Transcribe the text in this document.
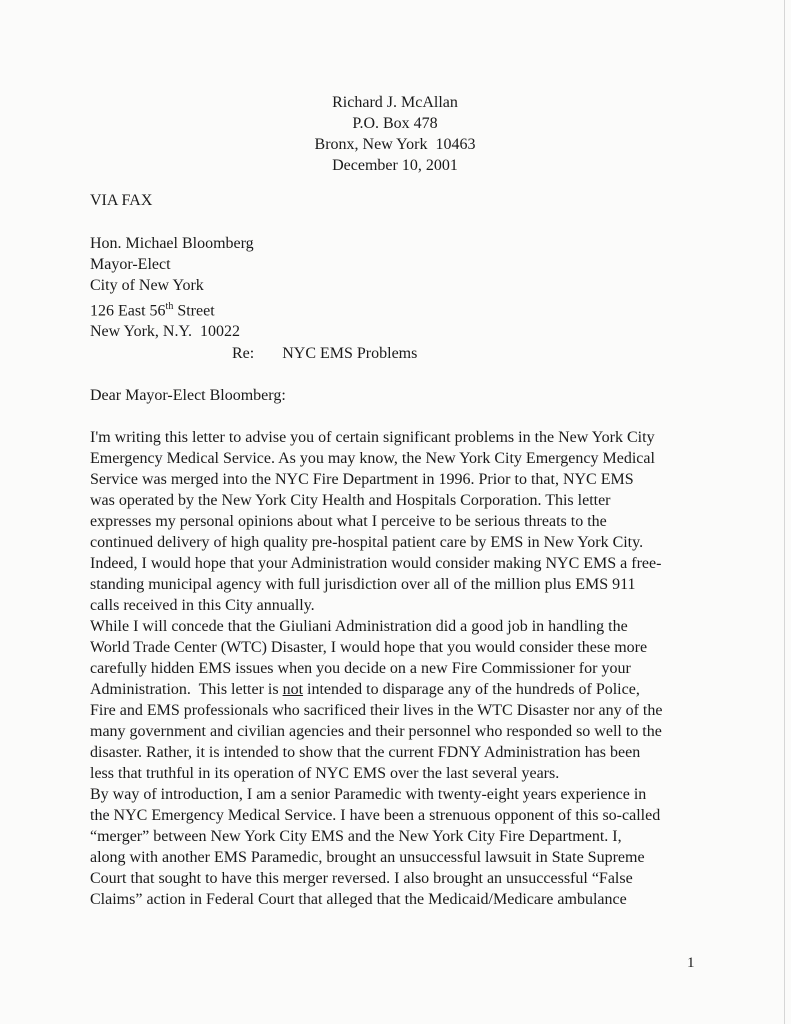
Richard J. McAllan
P.O. Box 478
Bronx, New York  10463
December 10, 2001
VIA FAX
Hon. Michael Bloomberg
Mayor-Elect
City of New York
126 East 56th Street
New York, N.Y.  10022
Re: NYC EMS Problems
Dear Mayor-Elect Bloomberg:
I'm writing this letter to advise you of certain significant problems in the New York City
Emergency Medical Service. As you may know, the New York City Emergency Medical
Service was merged into the NYC Fire Department in 1996. Prior to that, NYC EMS
was operated by the New York City Health and Hospitals Corporation. This letter
expresses my personal opinions about what I perceive to be serious threats to the
continued delivery of high quality pre-hospital patient care by EMS in New York City.
Indeed, I would hope that your Administration would consider making NYC EMS a free-
standing municipal agency with full jurisdiction over all of the million plus EMS 911
calls received in this City annually.
While I will concede that the Giuliani Administration did a good job in handling the
World Trade Center (WTC) Disaster, I would hope that you would consider these more
carefully hidden EMS issues when you decide on a new Fire Commissioner for your
Administration.  This letter is not intended to disparage any of the hundreds of Police,
Fire and EMS professionals who sacrificed their lives in the WTC Disaster nor any of the
many government and civilian agencies and their personnel who responded so well to the
disaster. Rather, it is intended to show that the current FDNY Administration has been
less that truthful in its operation of NYC EMS over the last several years.
By way of introduction, I am a senior Paramedic with twenty-eight years experience in
the NYC Emergency Medical Service. I have been a strenuous opponent of this so-called
“merger” between New York City EMS and the New York City Fire Department. I,
along with another EMS Paramedic, brought an unsuccessful lawsuit in State Supreme
Court that sought to have this merger reversed. I also brought an unsuccessful “False
Claims” action in Federal Court that alleged that the Medicaid/Medicare ambulance
1
